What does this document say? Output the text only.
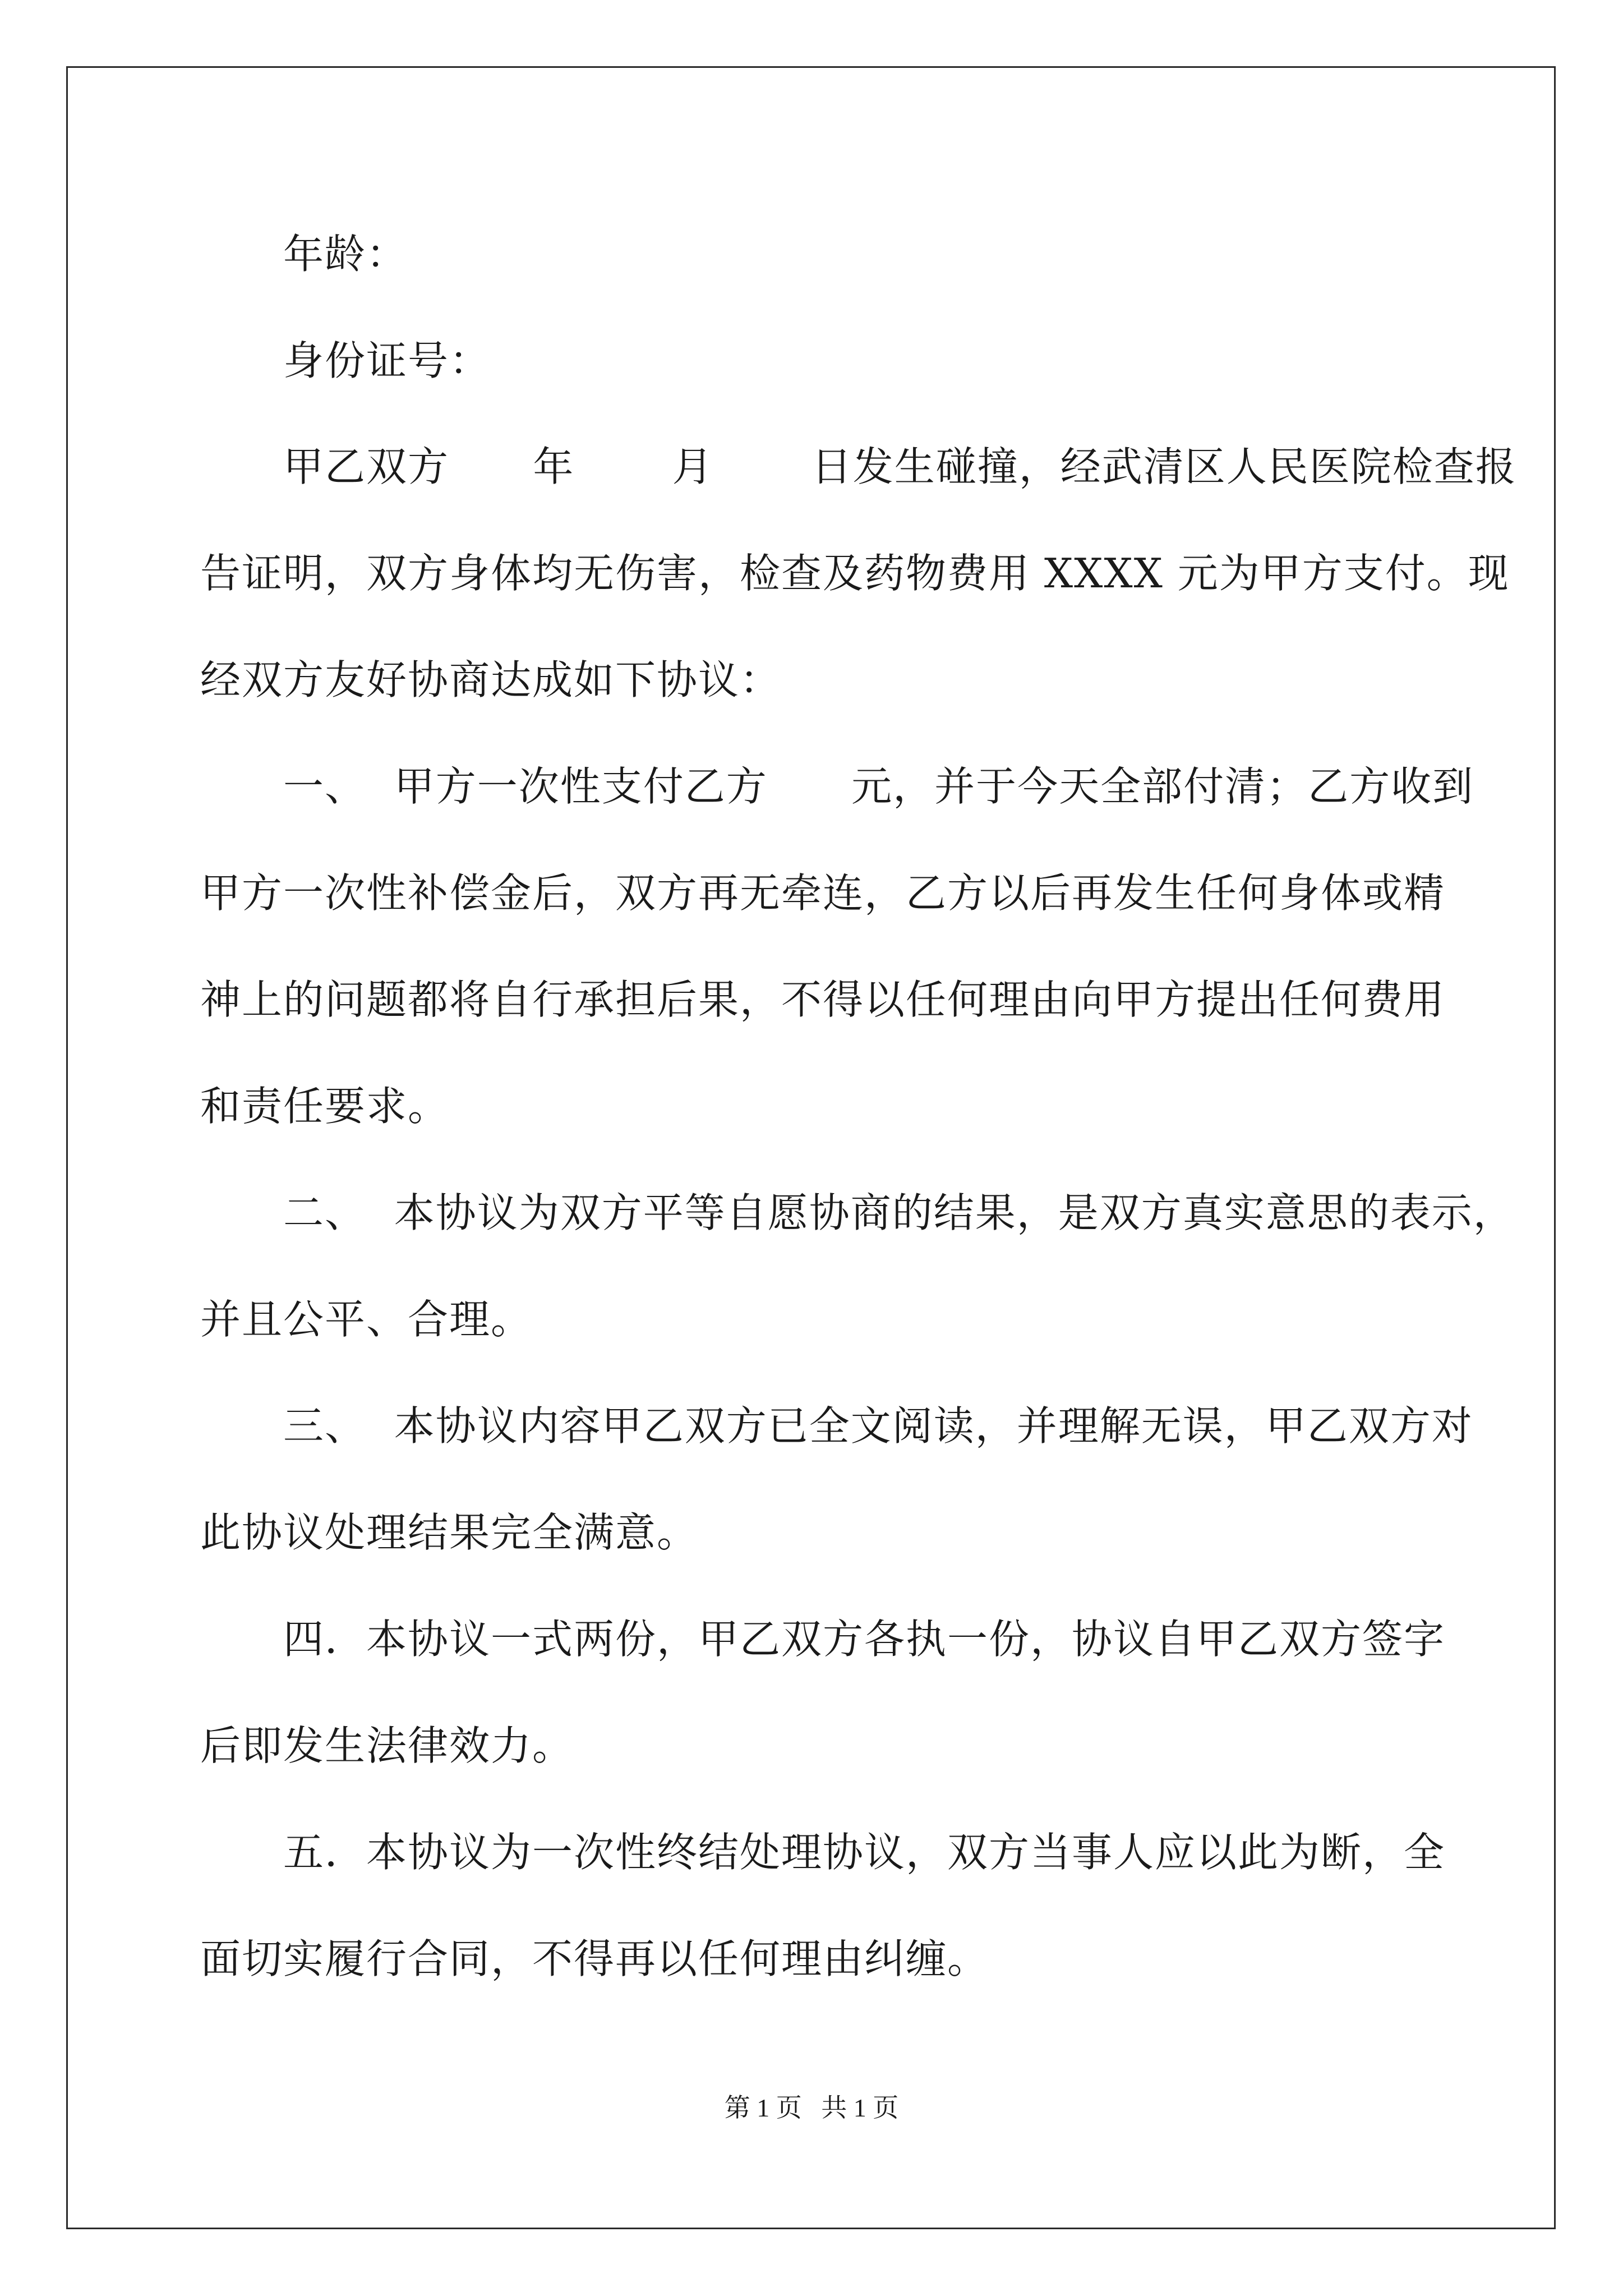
年龄：
身份证号：
甲乙双方      年       月       日发生碰撞，经武清区人民医院检查报
告证明，双方身体均无伤害，检查及药物费用 XXXX 元为甲方支付。现
经双方友好协商达成如下协议：
一、  甲方一次性支付乙方      元，并于今天全部付清；乙方收到
甲方一次性补偿金后，双方再无牵连，乙方以后再发生任何身体或精
神上的问题都将自行承担后果，不得以任何理由向甲方提出任何费用
和责任要求。
二、  本协议为双方平等自愿协商的结果，是双方真实意思的表示，
并且公平、合理。
三、  本协议内容甲乙双方已全文阅读，并理解无误，甲乙双方对
此协议处理结果完全满意。
四．本协议一式两份，甲乙双方各执一份，协议自甲乙双方签字
后即发生法律效力。
五．本协议为一次性终结处理协议，双方当事人应以此为断，全
面切实履行合同，不得再以任何理由纠缠。
第 1 页   共 1 页
